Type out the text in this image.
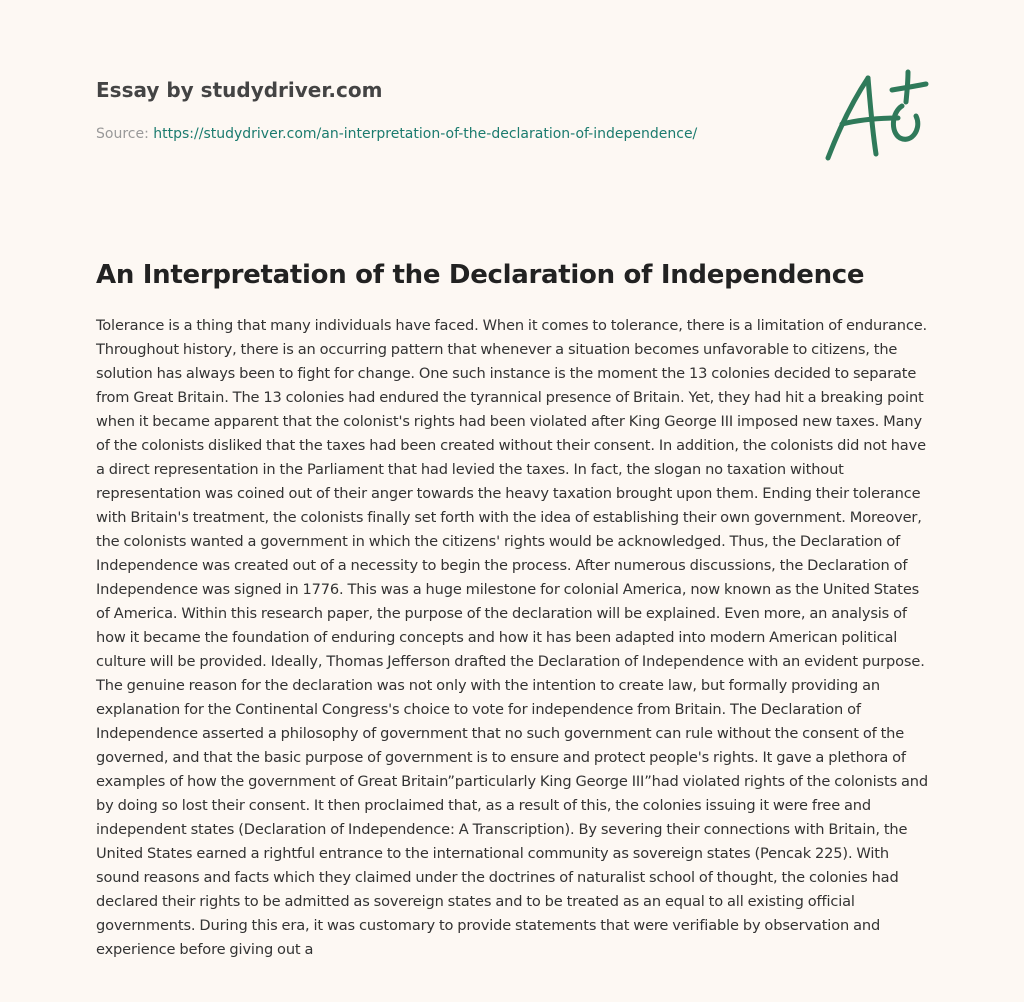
Essay by studydriver.com
Source: https://studydriver.com/an-interpretation-of-the-declaration-of-independence/
An Interpretation of the Declaration of Independence

Tolerance is a thing that many individuals have faced. When it comes to tolerance, there is a limitation of endurance. Throughout history, there is an occurring pattern that whenever a situation becomes unfavorable to citizens, the solution has always been to fight for change. One such instance is the moment the 13 colonies decided to separate from Great Britain. The 13 colonies had endured the tyrannical presence of Britain. Yet, they had hit a breaking point when it became apparent that the colonist's rights had been violated after King George III imposed new taxes. Many of the colonists disliked that the taxes had been created without their consent. In addition, the colonists did not have a direct representation in the Parliament that had levied the taxes. In fact, the slogan no taxation without representation was coined out of their anger towards the heavy taxation brought upon them. Ending their tolerance with Britain's treatment, the colonists finally set forth with the idea of establishing their own government. Moreover, the colonists wanted a government in which the citizens' rights would be acknowledged. Thus, the Declaration of Independence was created out of a necessity to begin the process. After numerous discussions, the Declaration of Independence was signed in 1776. This was a huge milestone for colonial America, now known as the United States of America. Within this research paper, the purpose of the declaration will be explained. Even more, an analysis of how it became the foundation of enduring concepts and how it has been adapted into modern American political culture will be provided. Ideally, Thomas Jefferson drafted the Declaration of Independence with an evident purpose. The genuine reason for the declaration was not only with the intention to create law, but formally providing an explanation for the Continental Congress's choice to vote for independence from Britain. The Declaration of Independence asserted a philosophy of government that no such government can rule without the consent of the governed, and that the basic purpose of government is to ensure and protect people's rights. It gave a plethora of examples of how the government of Great Britain”particularly King George III”had violated rights of the colonists and by doing so lost their consent. It then proclaimed that, as a result of this, the colonies issuing it were free and independent states (Declaration of Independence: A Transcription). By severing their connections with Britain, the United States earned a rightful entrance to the international community as sovereign states (Pencak 225). With sound reasons and facts which they claimed under the doctrines of naturalist school of thought, the colonies had declared their rights to be admitted as sovereign states and to be treated as an equal to all existing official governments. During this era, it was customary to provide statements that were verifiable by observation and experience before giving out a
